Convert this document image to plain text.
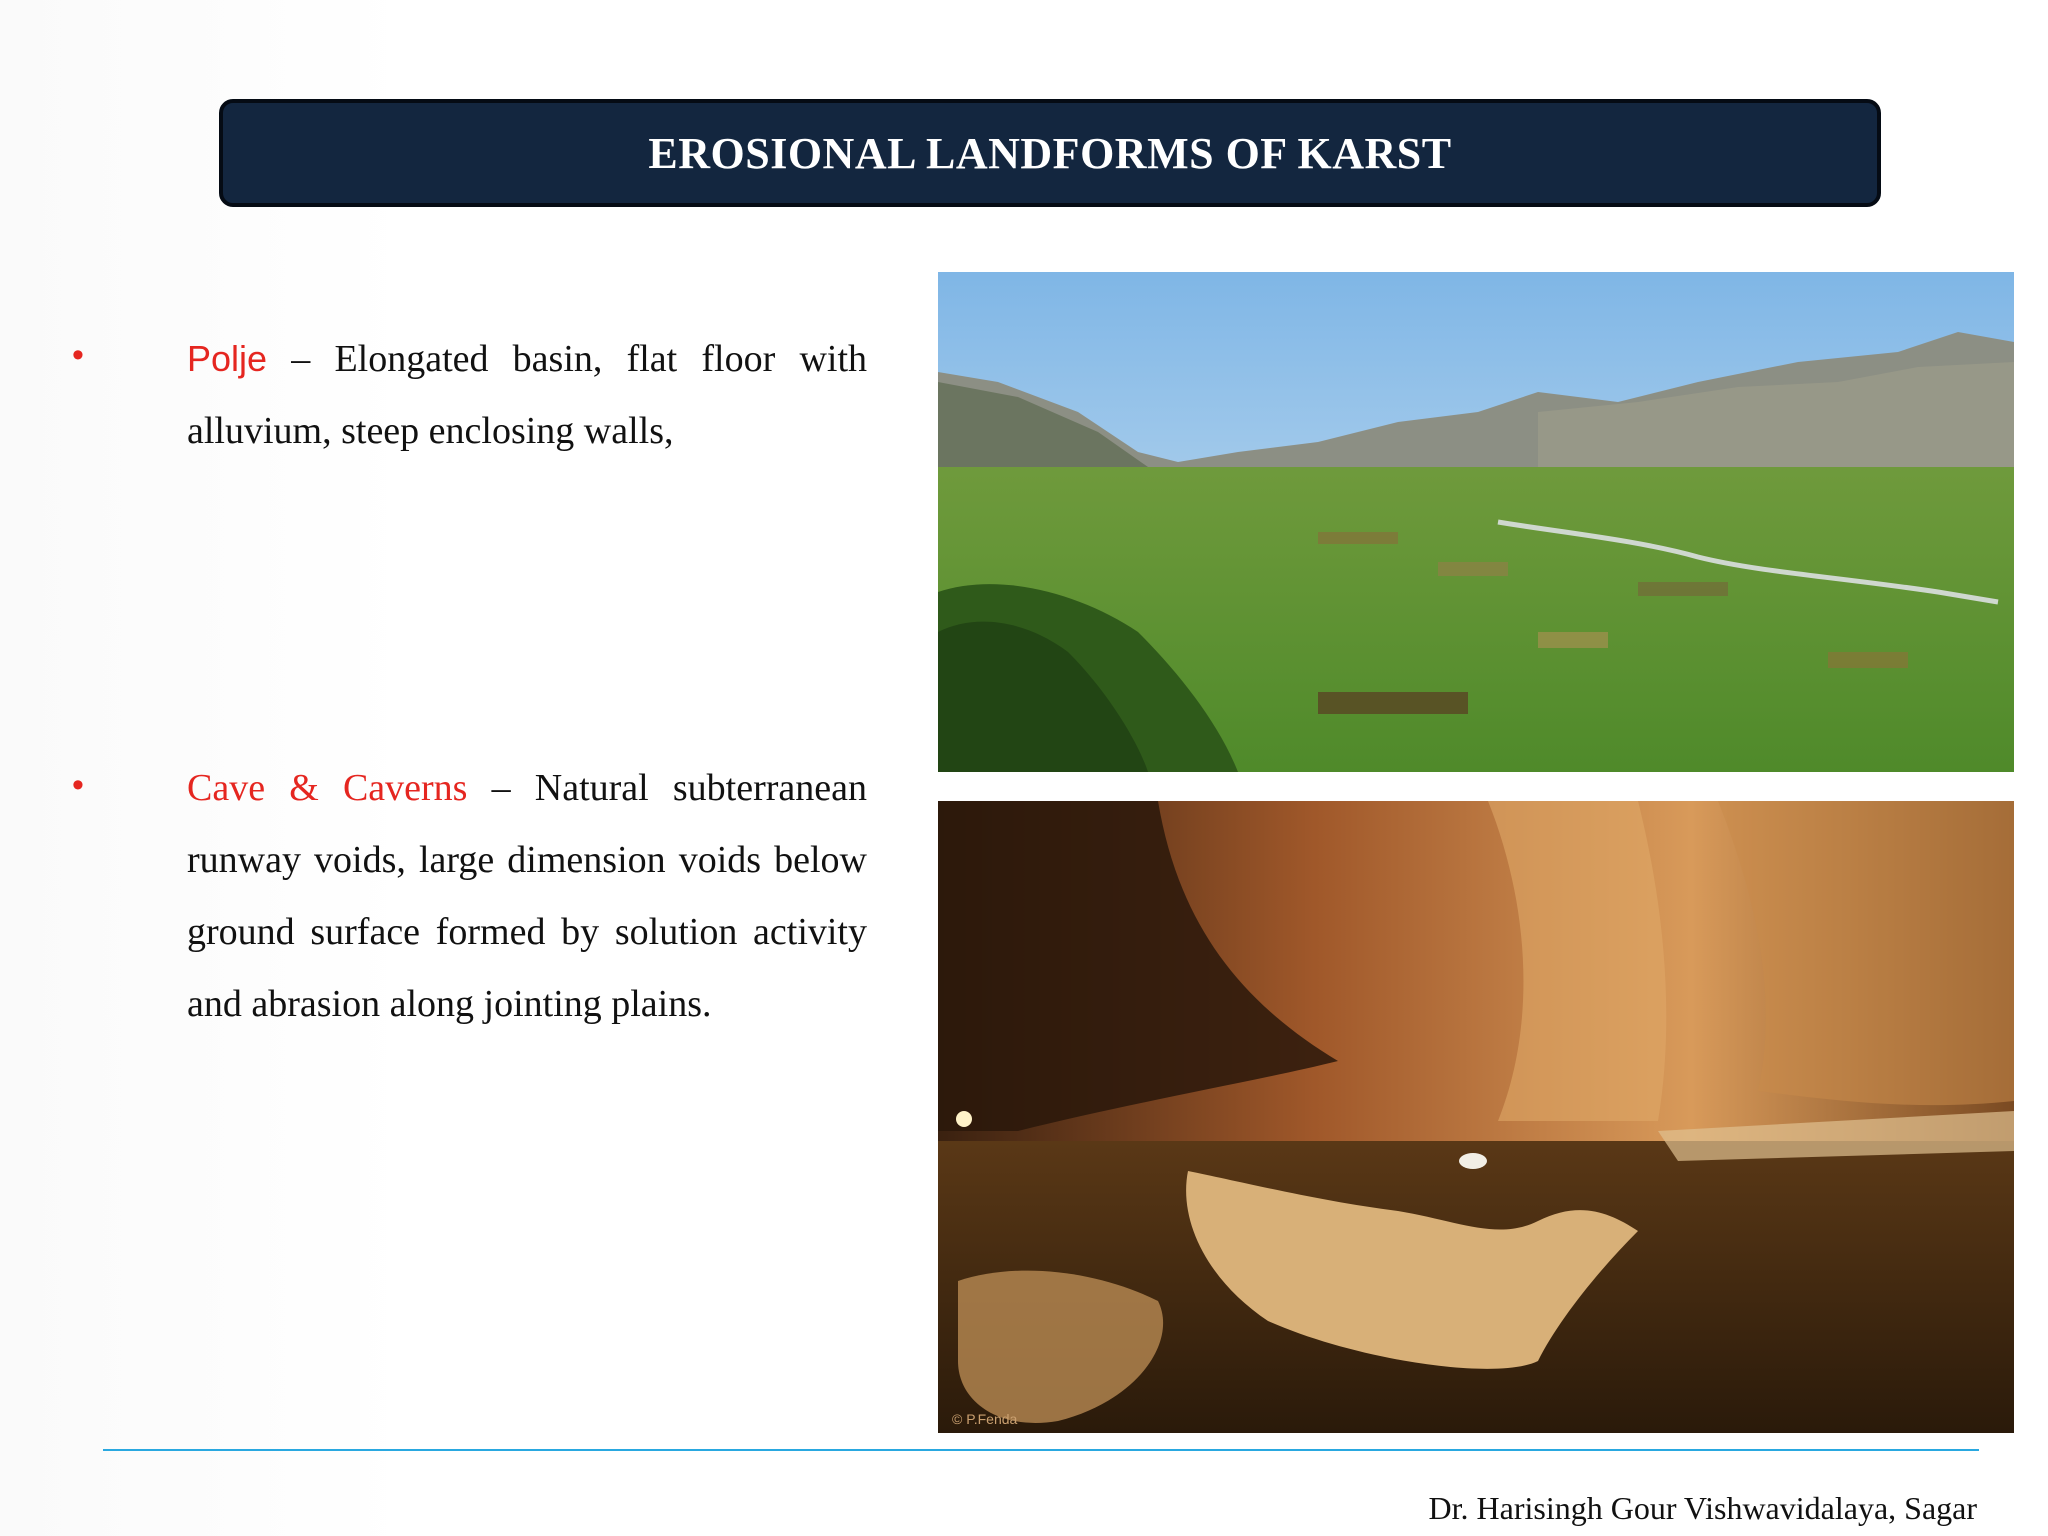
EROSIONAL LANDFORMS OF KARST
•	Polje – Elongated basin, flat floor with alluvium, steep enclosing walls,
•	Cave & Caverns – Natural subterranean runway voids, large dimension voids below ground surface formed by solution activity and abrasion along jointing plains.
© P.Fenda
Dr. Harisingh Gour Vishwavidalaya, Sagar
